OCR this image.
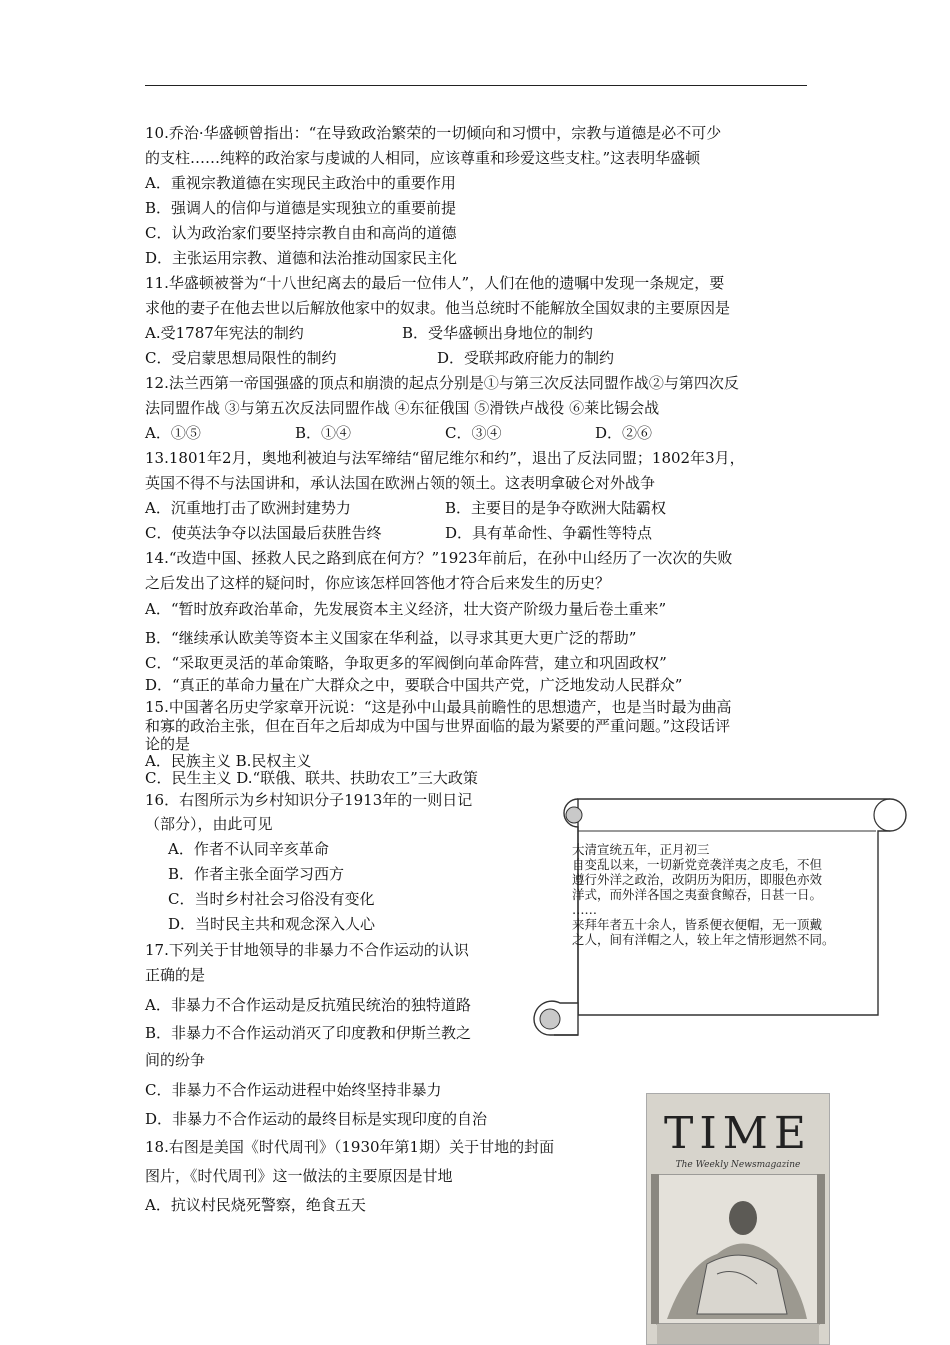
10.乔治·华盛顿曾指出：“在导致政治繁荣的一切倾向和习惯中，宗教与道德是必不可少
的支柱……纯粹的政治家与虔诚的人相同，应该尊重和珍爱这些支柱。”这表明华盛顿
A．重视宗教道德在实现民主政治中的重要作用
B．强调人的信仰与道德是实现独立的重要前提
C．认为政治家们要坚持宗教自由和高尚的道德
D．主张运用宗教、道德和法治推动国家民主化
11.华盛顿被誉为“十八世纪离去的最后一位伟人”，人们在他的遗嘱中发现一条规定，要
求他的妻子在他去世以后解放他家中的奴隶。他当总统时不能解放全国奴隶的主要原因是
A.受1787年宪法的制约	B．受华盛顿出身地位的制约
C．受启蒙思想局限性的制约	D．受联邦政府能力的制约
12.法兰西第一帝国强盛的顶点和崩溃的起点分别是①与第三次反法同盟作战②与第四次反
法同盟作战 ③与第五次反法同盟作战 ④东征俄国 ⑤滑铁卢战役 ⑥莱比锡会战
A．①⑤	B．①④	C．③④	D．②⑥
13.1801年2月，奥地利被迫与法军缔结“留尼维尔和约”，退出了反法同盟；1802年3月，
英国不得不与法国讲和，承认法国在欧洲占领的领土。这表明拿破仑对外战争
A．沉重地打击了欧洲封建势力	B．主要目的是争夺欧洲大陆霸权
C．使英法争夺以法国最后获胜告终	D．具有革命性、争霸性等特点
14.“改造中国、拯救人民之路到底在何方？”1923年前后，在孙中山经历了一次次的失败
之后发出了这样的疑问时，你应该怎样回答他才符合后来发生的历史？
A．“暂时放弃政治革命，先发展资本主义经济，壮大资产阶级力量后卷土重来”
B．“继续承认欧美等资本主义国家在华利益，以寻求其更大更广泛的帮助”
C．“采取更灵活的革命策略，争取更多的军阀倒向革命阵营，建立和巩固政权”
D．“真正的革命力量在广大群众之中，要联合中国共产党，广泛地发动人民群众”
15.中国著名历史学家章开沅说：“这是孙中山最具前瞻性的思想遗产，也是当时最为曲高
和寡的政治主张，但在百年之后却成为中国与世界面临的最为紧要的严重问题。”这段话评
论的是
A．民族主义 B.民权主义
C．民生主义 D.“联俄、联共、扶助农工”三大政策
16．右图所示为乡村知识分子1913年的一则日记
（部分），由此可见
A．作者不认同辛亥革命
B．作者主张全面学习西方
C．当时乡村社会习俗没有变化
D．当时民主共和观念深入人心
大清宣统五年，正月初三
自变乱以来，一切新党竞袭洋夷之皮毛，不但
遵行外洋之政治，改阴历为阳历，即服色亦效
洋式，而外洋各国之夷蚕食鲸吞，日甚一日。
……
来拜年者五十余人，皆系便衣便帽，无一顶戴
之人，间有洋帽之人，较上年之情形迥然不同。
17.下列关于甘地领导的非暴力不合作运动的认识
正确的是
A．非暴力不合作运动是反抗殖民统治的独特道路
B．非暴力不合作运动消灭了印度教和伊斯兰教之
间的纷争
C．非暴力不合作运动进程中始终坚持非暴力
D．非暴力不合作运动的最终目标是实现印度的自治
18.右图是美国《时代周刊》（1930年第1期）关于甘地的封面
图片，《时代周刊》这一做法的主要原因是甘地
A．抗议村民烧死警察，绝食五天
TIME
The Weekly Newsmagazine
